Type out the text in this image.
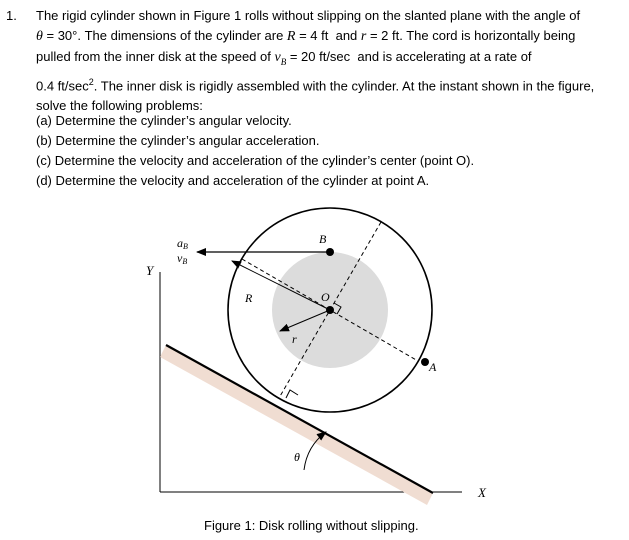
1. The rigid cylinder shown in Figure 1 rolls without slipping on the slanted plane with the angle of
θ = 30°. The dimensions of the cylinder are R = 4 ft  and r = 2 ft. The cord is horizontally being
pulled from the inner disk at the speed of $v_B = 20$ ft/sec  and is accelerating at a rate of
0.4 $ft/\sec^2$. The inner disk is rigidly assembled with the cylinder. At the instant shown in the figure,
solve the following problems:
(a) Determine the cylinder’s angular velocity.
(b) Determine the cylinder’s angular acceleration.
(c) Determine the velocity and acceleration of the cylinder’s center (point O).
(d) Determine the velocity and acceleration of the cylinder at point A.
aB
vB
B
O
R
r
A
θ
Y
X
Figure 1: Disk rolling without slipping.
